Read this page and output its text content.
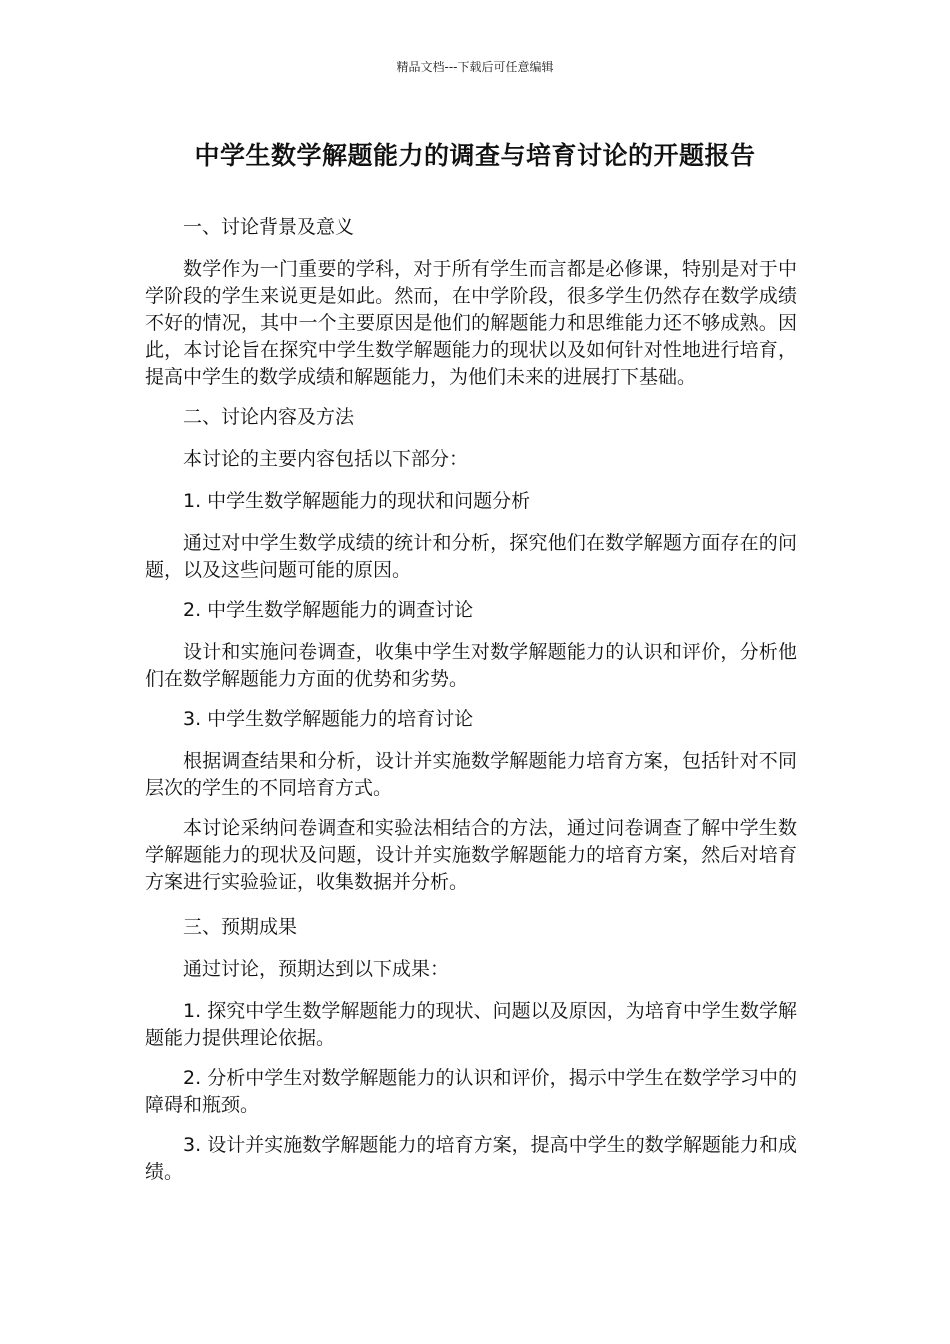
精品文档---下载后可任意编辑
中学生数学解题能力的调查与培育讨论的开题报告

一、讨论背景及意义

数学作为一门重要的学科，对于所有学生而言都是必修课，特别是对于中学阶段的学生来说更是如此。然而，在中学阶段，很多学生仍然存在数学成绩不好的情况，其中一个主要原因是他们的解题能力和思维能力还不够成熟。因此，本讨论旨在探究中学生数学解题能力的现状以及如何针对性地进行培育，提高中学生的数学成绩和解题能力，为他们未来的进展打下基础。

二、讨论内容及方法

本讨论的主要内容包括以下部分：

1. 中学生数学解题能力的现状和问题分析

通过对中学生数学成绩的统计和分析，探究他们在数学解题方面存在的问题，以及这些问题可能的原因。

2. 中学生数学解题能力的调查讨论

设计和实施问卷调查，收集中学生对数学解题能力的认识和评价，分析他们在数学解题能力方面的优势和劣势。

3. 中学生数学解题能力的培育讨论

根据调查结果和分析，设计并实施数学解题能力培育方案，包括针对不同层次的学生的不同培育方式。

本讨论采纳问卷调查和实验法相结合的方法，通过问卷调查了解中学生数学解题能力的现状及问题，设计并实施数学解题能力的培育方案，然后对培育方案进行实验验证，收集数据并分析。

三、预期成果

通过讨论，预期达到以下成果：

1. 探究中学生数学解题能力的现状、问题以及原因，为培育中学生数学解题能力提供理论依据。

2. 分析中学生对数学解题能力的认识和评价，揭示中学生在数学学习中的障碍和瓶颈。

3. 设计并实施数学解题能力的培育方案，提高中学生的数学解题能力和成绩。
